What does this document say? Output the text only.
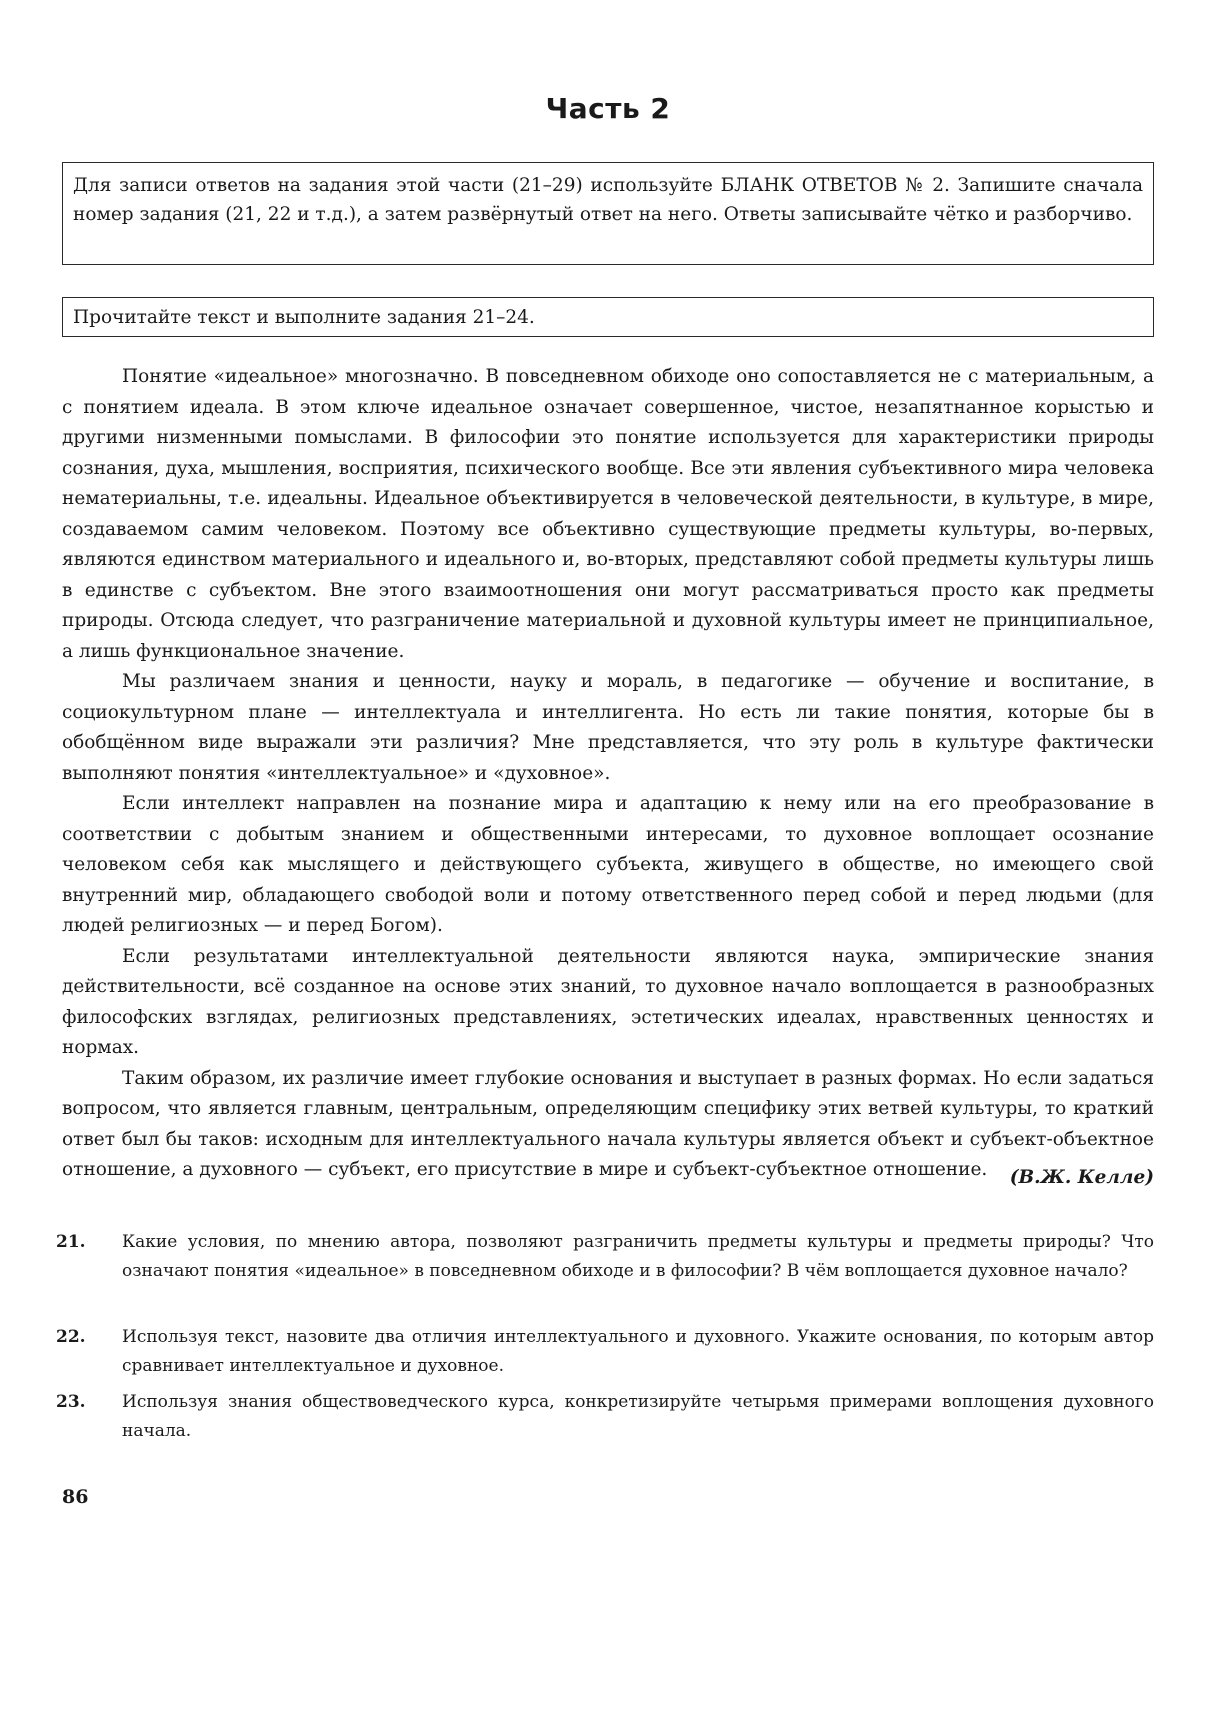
Часть 2
Для записи ответов на задания этой части (21–29) используйте БЛАНК ОТВЕТОВ № 2. Запишите сначала номер задания (21, 22 и т.д.), а затем развёрнутый ответ на него. Ответы записывайте чётко и разборчиво.
Прочитайте текст и выполните задания 21–24.

Понятие «идеальное» многозначно. В повседневном обиходе оно сопоставляется не с материальным, а с понятием идеала. В этом ключе идеальное означает совершенное, чистое, незапятнанное корыстью и другими низменными помыслами. В философии это понятие используется для характеристики природы сознания, духа, мышления, восприятия, психического вообще. Все эти явления субъективного мира человека нематериальны, т.е. идеальны. Идеальное объективируется в человеческой деятельности, в культуре, в мире, создаваемом самим человеком. Поэтому все объективно существующие предметы культуры, во-первых, являются единством материального и идеального и, во-вторых, представляют собой предметы культуры лишь в единстве с субъектом. Вне этого взаимоотношения они могут рассматриваться просто как предметы природы. Отсюда следует, что разграничение материальной и духовной культуры имеет не принципиальное, а лишь функциональное значение.

Мы различаем знания и ценности, науку и мораль, в педагогике — обучение и воспитание, в социокультурном плане — интеллектуала и интеллигента. Но есть ли такие понятия, которые бы в обобщённом виде выражали эти различия? Мне представляется, что эту роль в культуре фактически выполняют понятия «интеллектуальное» и «духовное».

Если интеллект направлен на познание мира и адаптацию к нему или на его преобразование в соответствии с добытым знанием и общественными интересами, то духовное воплощает осознание человеком себя как мыслящего и действующего субъекта, живущего в обществе, но имеющего свой внутренний мир, обладающего свободой воли и потому ответственного перед собой и перед людьми (для людей религиозных — и перед Богом).

Если результатами интеллектуальной деятельности являются наука, эмпирические знания действительности, всё созданное на основе этих знаний, то духовное начало воплощается в разнообразных философских взглядах, религиозных представлениях, эстетических идеалах, нравственных ценностях и нормах.

Таким образом, их различие имеет глубокие основания и выступает в разных формах. Но если задаться вопросом, что является главным, центральным, определяющим специфику этих ветвей культуры, то краткий ответ был бы таков: исходным для интеллектуального начала культуры является объект и субъект-объектное отношение, а духовного — субъект, его присутствие в мире и субъект-субъектное отношение.	(В.Ж. Келле)
21.	Какие условия, по мнению автора, позволяют разграничить предметы культуры и предметы природы? Что означают понятия «идеальное» в повседневном обиходе и в философии? В чём воплощается духовное начало?
22.	Используя текст, назовите два отличия интеллектуального и духовного. Укажите основания, по которым автор сравнивает интеллектуальное и духовное.
23.	Используя знания обществоведческого курса, конкретизируйте четырьмя примерами воплощения духовного начала.
86
